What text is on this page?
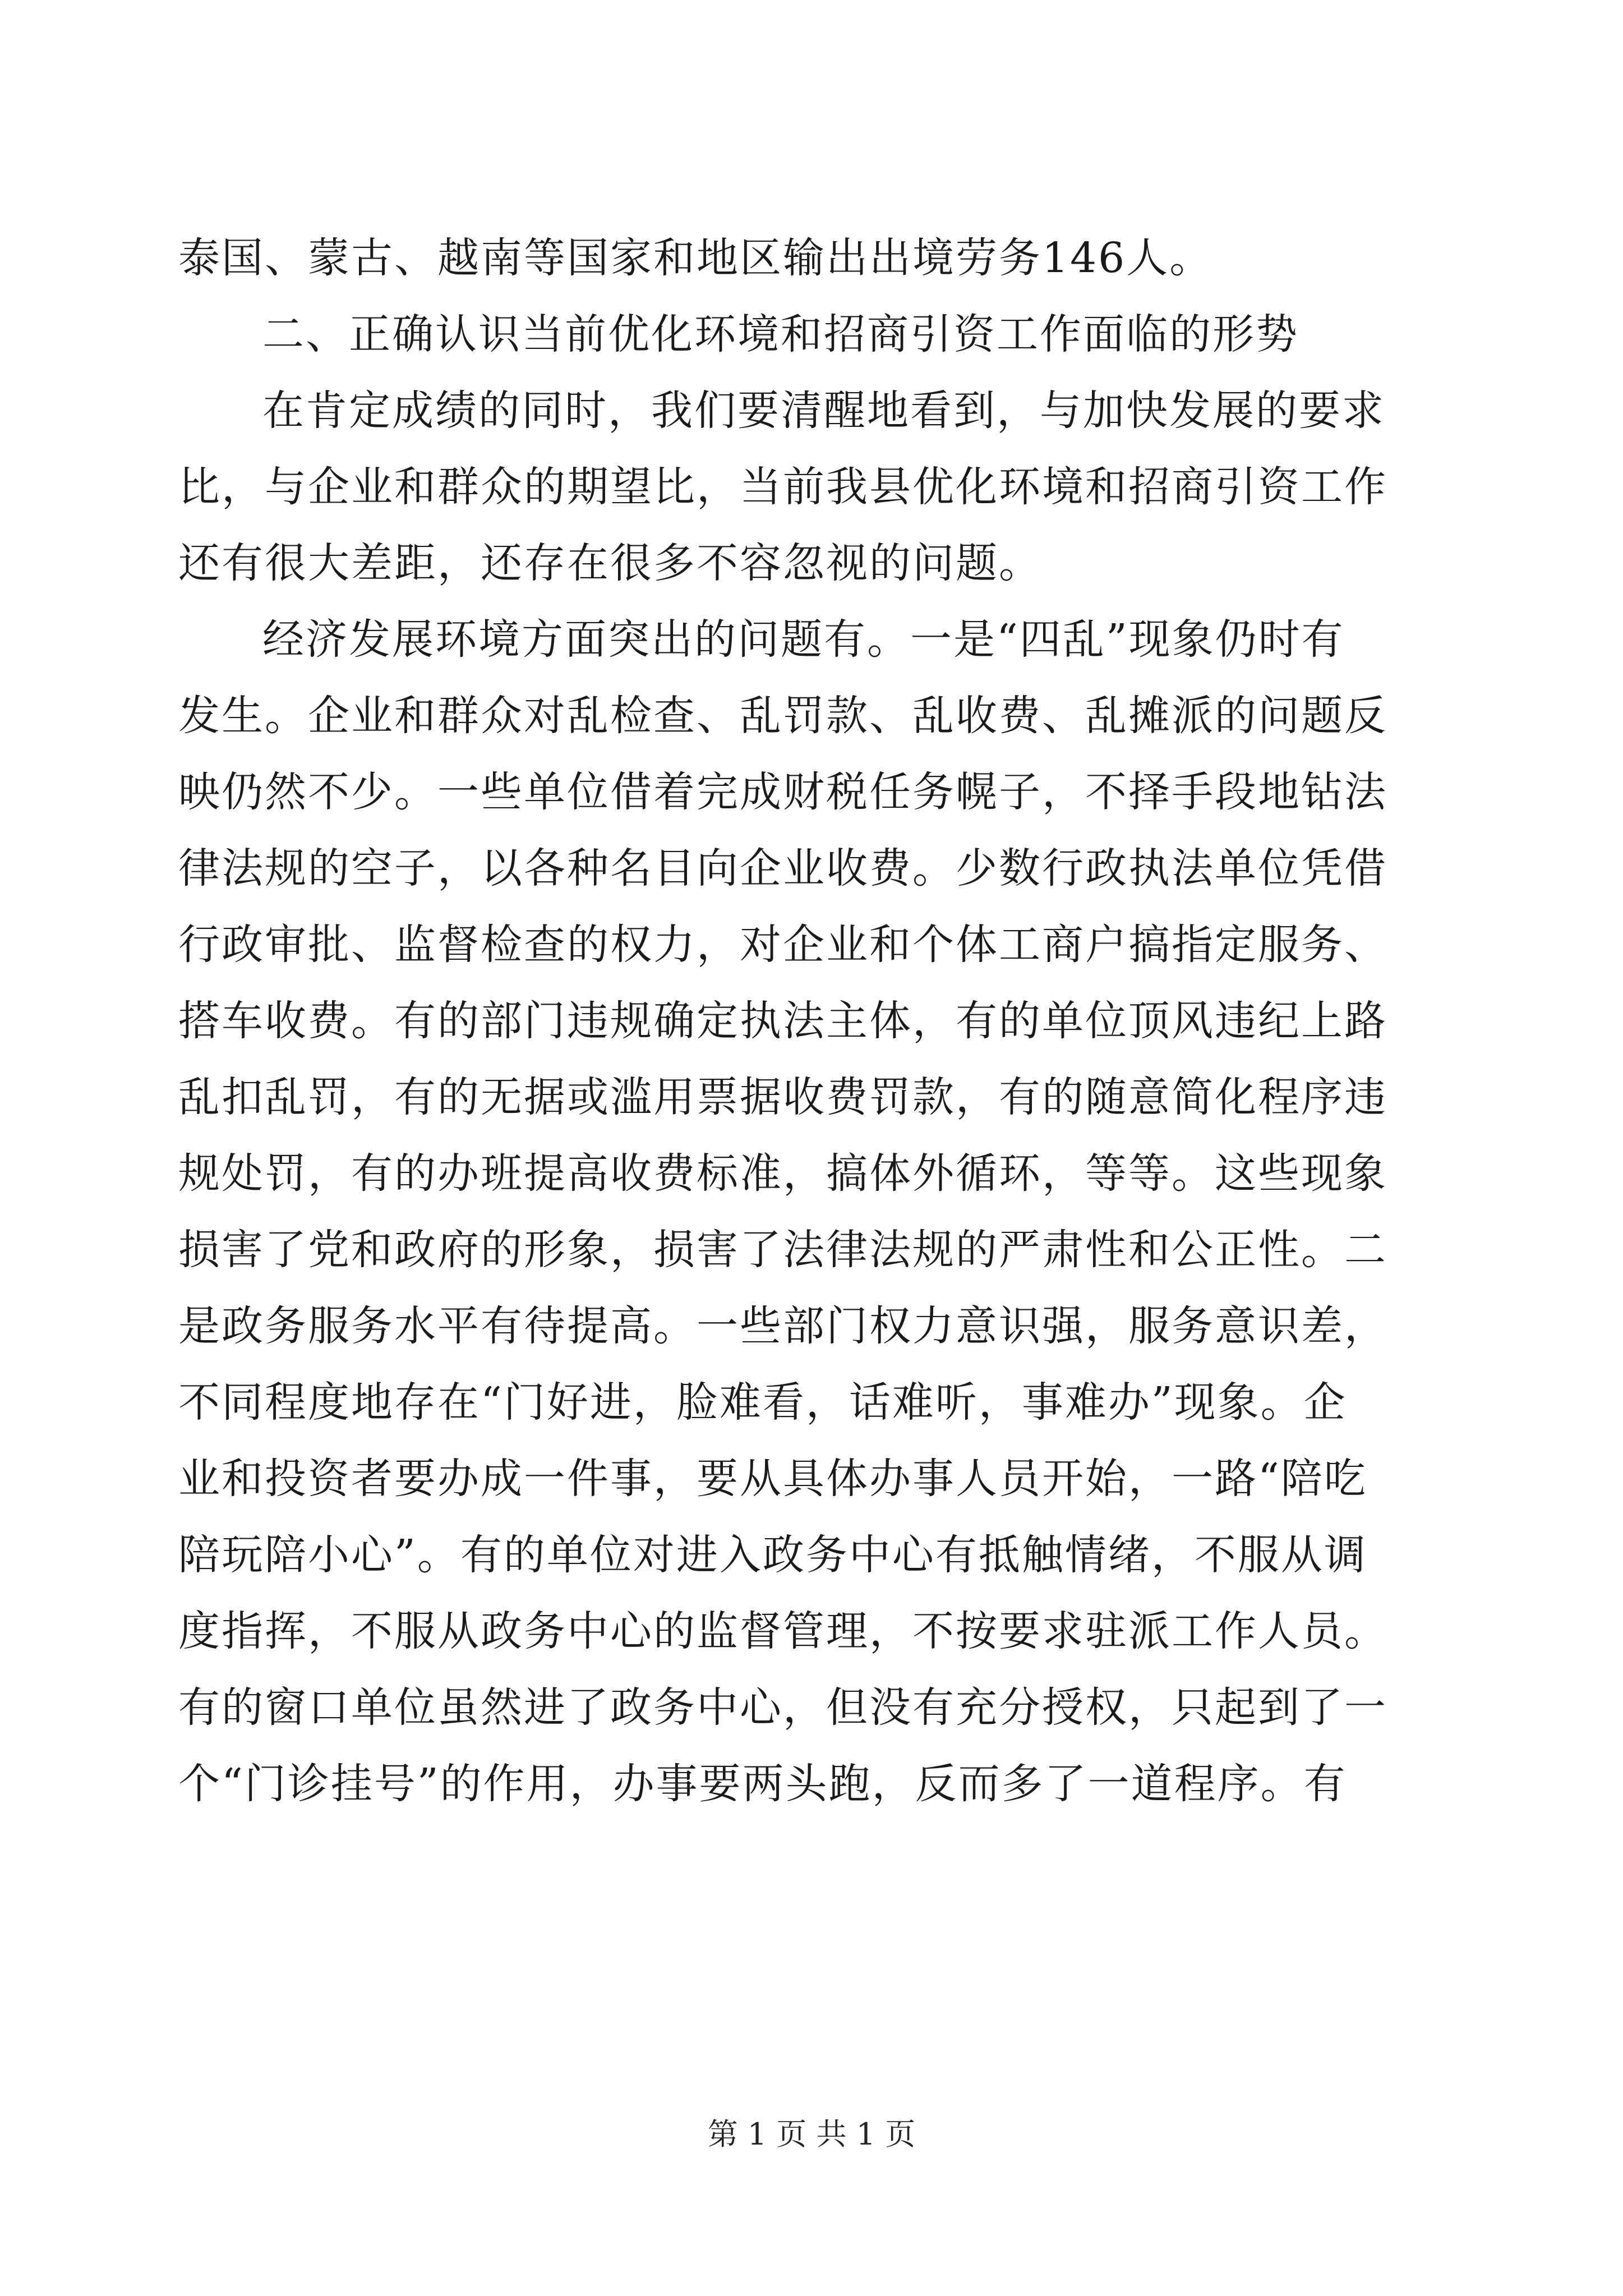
泰国、蒙古、越南等国家和地区输出出境劳务146人。
二、正确认识当前优化环境和招商引资工作面临的形势
在肯定成绩的同时，我们要清醒地看到，与加快发展的要求
比，与企业和群众的期望比，当前我县优化环境和招商引资工作
还有很大差距，还存在很多不容忽视的问题。
经济发展环境方面突出的问题有。一是“四乱”现象仍时有
发生。企业和群众对乱检查、乱罚款、乱收费、乱摊派的问题反
映仍然不少。一些单位借着完成财税任务幌子，不择手段地钻法
律法规的空子，以各种名目向企业收费。少数行政执法单位凭借
行政审批、监督检查的权力，对企业和个体工商户搞指定服务、
搭车收费。有的部门违规确定执法主体，有的单位顶风违纪上路
乱扣乱罚，有的无据或滥用票据收费罚款，有的随意简化程序违
规处罚，有的办班提高收费标准，搞体外循环，等等。这些现象
损害了党和政府的形象，损害了法律法规的严肃性和公正性。二
是政务服务水平有待提高。一些部门权力意识强，服务意识差，
不同程度地存在“门好进，脸难看，话难听，事难办”现象。企
业和投资者要办成一件事，要从具体办事人员开始，一路“陪吃
陪玩陪小心”。有的单位对进入政务中心有抵触情绪，不服从调
度指挥，不服从政务中心的监督管理，不按要求驻派工作人员。
有的窗口单位虽然进了政务中心，但没有充分授权，只起到了一
个“门诊挂号”的作用，办事要两头跑，反而多了一道程序。有
第 1 页 共 1 页
